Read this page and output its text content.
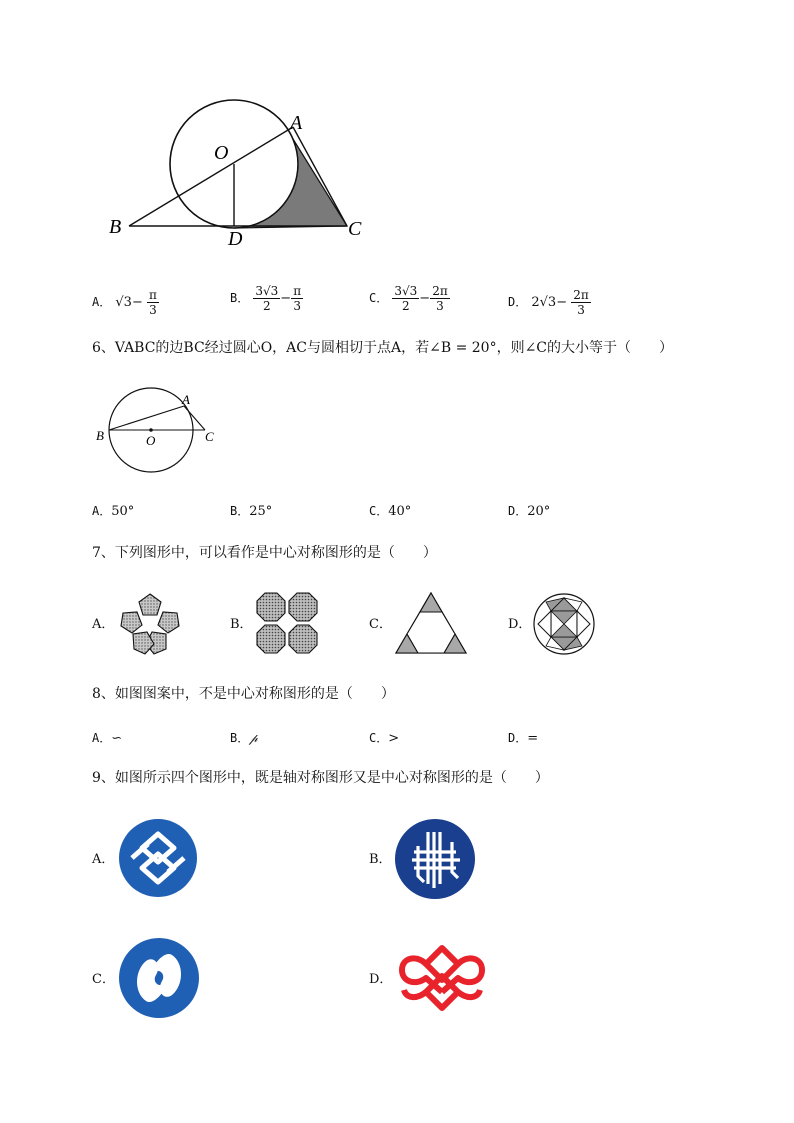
B
A
C
D
O
A． $√3- \frac{\pi}{3}$	B． $\frac{3√3}{2} - \frac{\pi}{3}$	C． $\frac{3√3}{2} - \frac{2\pi}{3}$	D． $2√3- \frac{2\pi}{3}$
6、VABC的边BC经过圆心O，AC与圆相切于点A，若∠B = 20°，则∠C的大小等于（　　）
B
A
C
O
A．50°	B．25°	C．40°	D．20°
7、下列图形中，可以看作是中心对称图形的是（　　）
A．	B．	C．	D．
8、如图图案中，不是中心对称图形的是（　　）
A．∽	B．𝓅	C．>	D．=
9、如图所示四个图形中，既是轴对称图形又是中心对称图形的是（　　）
A．	B．
C．	D．
